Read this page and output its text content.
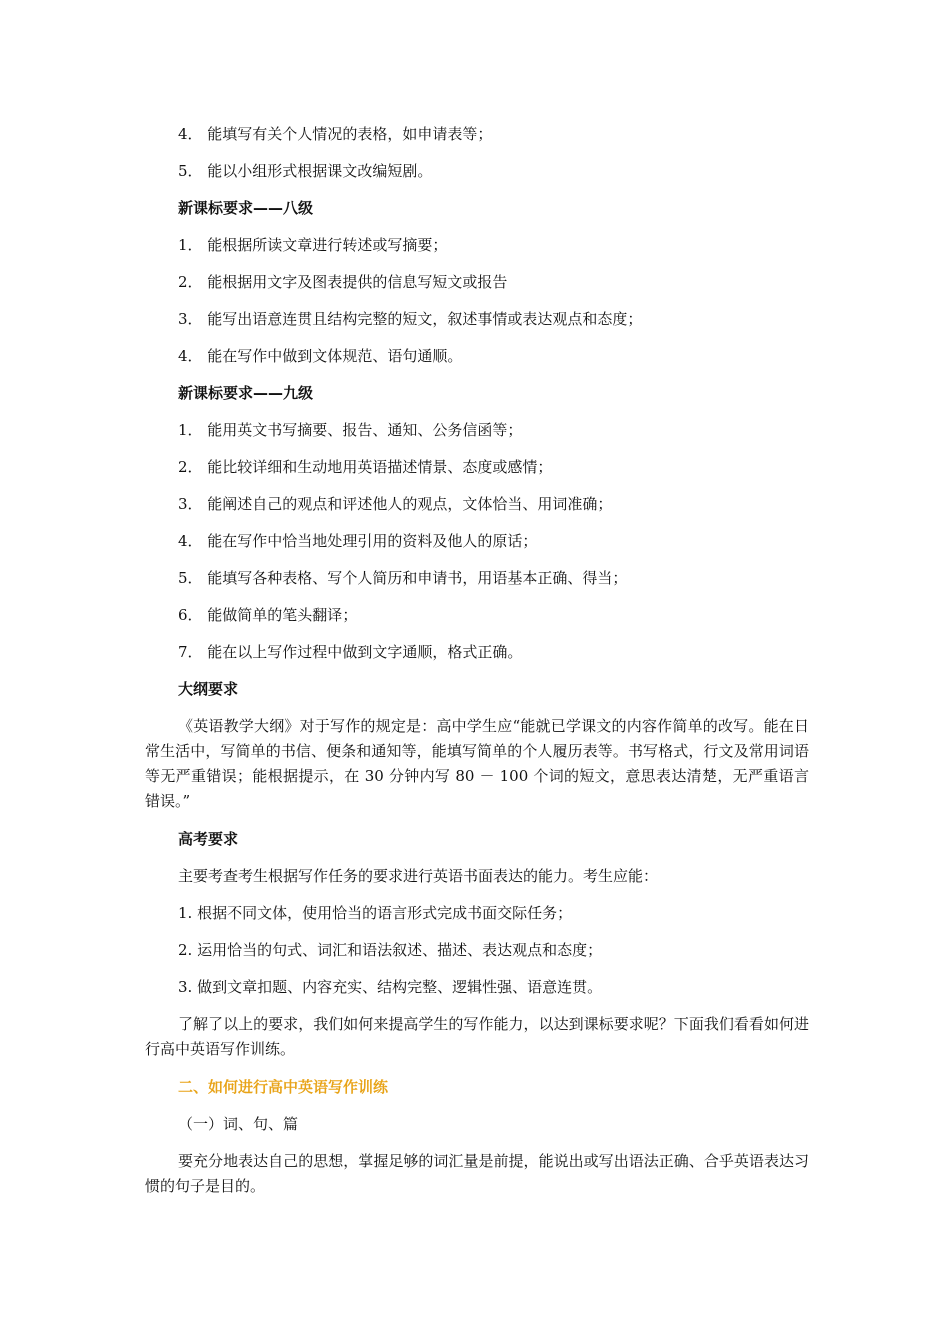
4． 能填写有关个人情况的表格，如申请表等；
5． 能以小组形式根据课文改编短剧。
新课标要求——八级
1． 能根据所读文章进行转述或写摘要；
2． 能根据用文字及图表提供的信息写短文或报告
3． 能写出语意连贯且结构完整的短文，叙述事情或表达观点和态度；
4． 能在写作中做到文体规范、语句通顺。
新课标要求——九级
1． 能用英文书写摘要、报告、通知、公务信函等；
2． 能比较详细和生动地用英语描述情景、态度或感情；
3． 能阐述自己的观点和评述他人的观点，文体恰当、用词准确；
4． 能在写作中恰当地处理引用的资料及他人的原话；
5． 能填写各种表格、写个人简历和申请书，用语基本正确、得当；
6． 能做简单的笔头翻译；
7． 能在以上写作过程中做到文字通顺，格式正确。
大纲要求
《英语教学大纲》对于写作的规定是：高中学生应“能就已学课文的内容作简单的改写。能在日常生活中，写简单的书信、便条和通知等，能填写简单的个人履历表等。书写格式，行文及常用词语等无严重错误；能根据提示，在 30 分钟内写 80 － 100 个词的短文，意思表达清楚，无严重语言错误。”
高考要求
主要考查考生根据写作任务的要求进行英语书面表达的能力。考生应能：
1. 根据不同文体，使用恰当的语言形式完成书面交际任务；
2. 运用恰当的句式、词汇和语法叙述、描述、表达观点和态度；
3. 做到文章扣题、内容充实、结构完整、逻辑性强、语意连贯。
了解了以上的要求，我们如何来提高学生的写作能力，以达到课标要求呢？下面我们看看如何进行高中英语写作训练。
二、如何进行高中英语写作训练
（一）词、句、篇
要充分地表达自己的思想，掌握足够的词汇量是前提，能说出或写出语法正确、合乎英语表达习惯的句子是目的。
